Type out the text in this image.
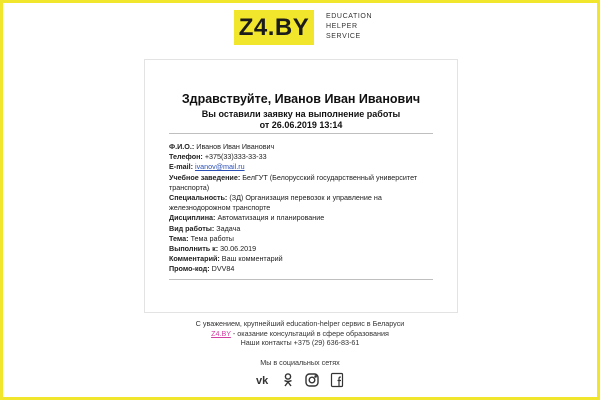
Z4.BY	EDUCATION
HELPER
SERVICE
Здравствуйте, Иванов Иван Иванович
Вы оставили заявку на выполнение работы
от 26.06.2019 13:14

Ф.И.О.: Иванов Иван Иванович

Телефон: +375(33)333-33-33

E-mail: ivanov@mail.ru

Учебное заведение: БелГУТ (Белорусский государственный университет транспорта)

Специальность: (ЗД) Организация перевозок и управление на железнодорожном транспорте

Дисциплина: Автоматизация и планирование

Вид работы: Задача

Тема: Тема работы

Выполнить к: 30.06.2019

Комментарий: Ваш комментарий

Промо-код: DVV84

С уважением, крупнейший education-helper сервис в Беларуси
Z4.BY - оказание консультаций в сфере образования
Наши контакты +375 (29) 636-83-61
Мы в социальных сетях
vk
